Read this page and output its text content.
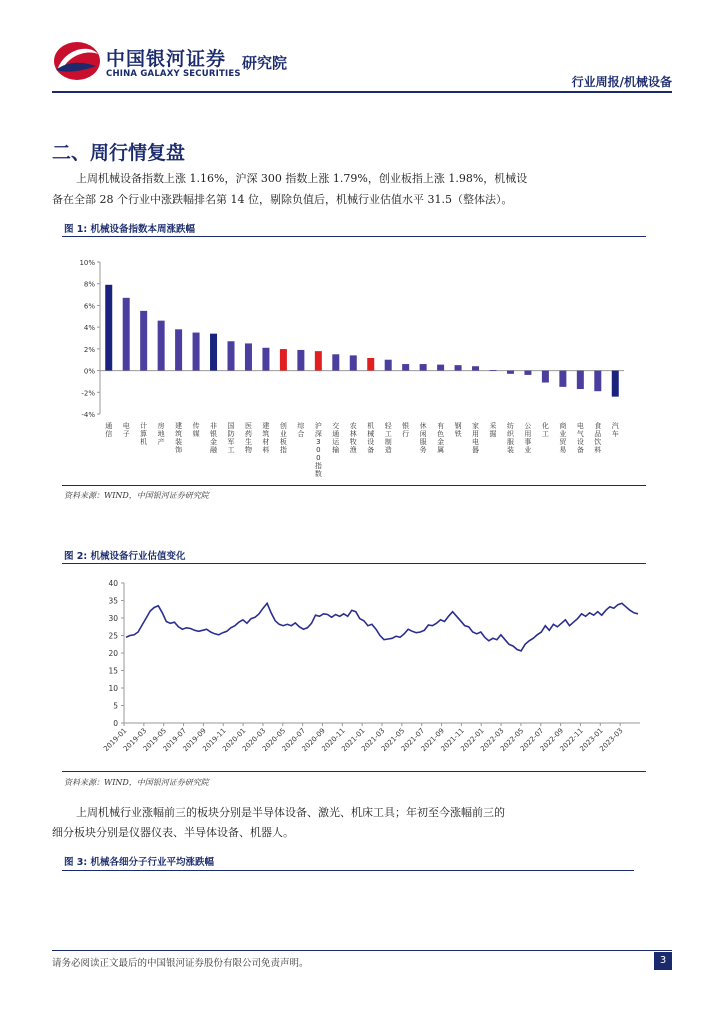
中国银河证券
CHINA GALAXY SECURITIES
研究院
行业周报/机械设备
二、周行情复盘
上周机械设备指数上涨 1.16%，沪深 300 指数上涨 1.79%，创业板指上涨 1.98%，机械设
备在全部 28 个行业中涨跌幅排名第 14 位，剔除负值后，机械行业估值水平 31.5（整体法）。
图 1: 机械设备指数本周涨跌幅
10%
8%
6%
4%
2%
0%
-2%
-4%
通信
电子
计算机
房地产
建筑装饰
传媒
非银金融
国防军工
医药生物
建筑材料
创业板指
综合
沪深 3 0 0 指数
交通运输
农林牧渔
机械设备
轻工制造
银行
休闲服务
有色金属
钢铁
家用电器
采掘
纺织服装
公用事业
化工
商业贸易
电气设备
食品饮料
汽车
资料来源：WIND，中国银河证券研究院
图 2: 机械设备行业估值变化
0
5
10
15
20
25
30
35
40
2019-01
2019-03
2019-05
2019-07
2019-09
2019-11
2020-01
2020-03
2020-05
2020-07
2020-09
2020-11
2021-01
2021-03
2021-05
2021-07
2021-09
2021-11
2022-01
2022-03
2022-05
2022-07
2022-09
2022-11
2023-01
2023-03
资料来源：WIND，中国银河证券研究院
上周机械行业涨幅前三的板块分别是半导体设备、激光、机床工具；年初至今涨幅前三的
细分板块分别是仪器仪表、半导体设备、机器人。
图 3: 机械各细分子行业平均涨跌幅
请务必阅读正文最后的中国银河证券股份有限公司免责声明。	3
